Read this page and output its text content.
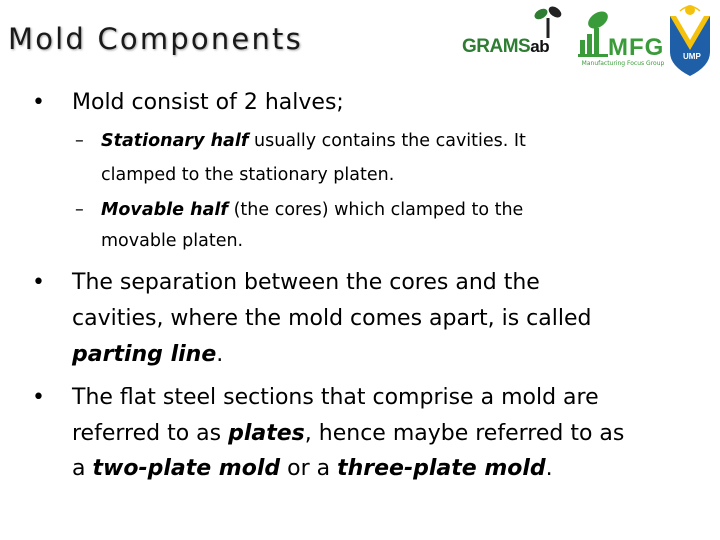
Mold Components	GRAMSab MFG
Manufacturing Focus Group
UMP
• Mold consist of 2 halves;
– Stationary half usually contains the cavities. It
clamped to the stationary platen.
– Movable half (the cores) which clamped to the
movable platen.
• The separation between the cores and the
cavities, where the mold comes apart, is called
parting line.
• The flat steel sections that comprise a mold are
referred to as plates, hence maybe referred to as
a two-plate mold or a three-plate mold.
